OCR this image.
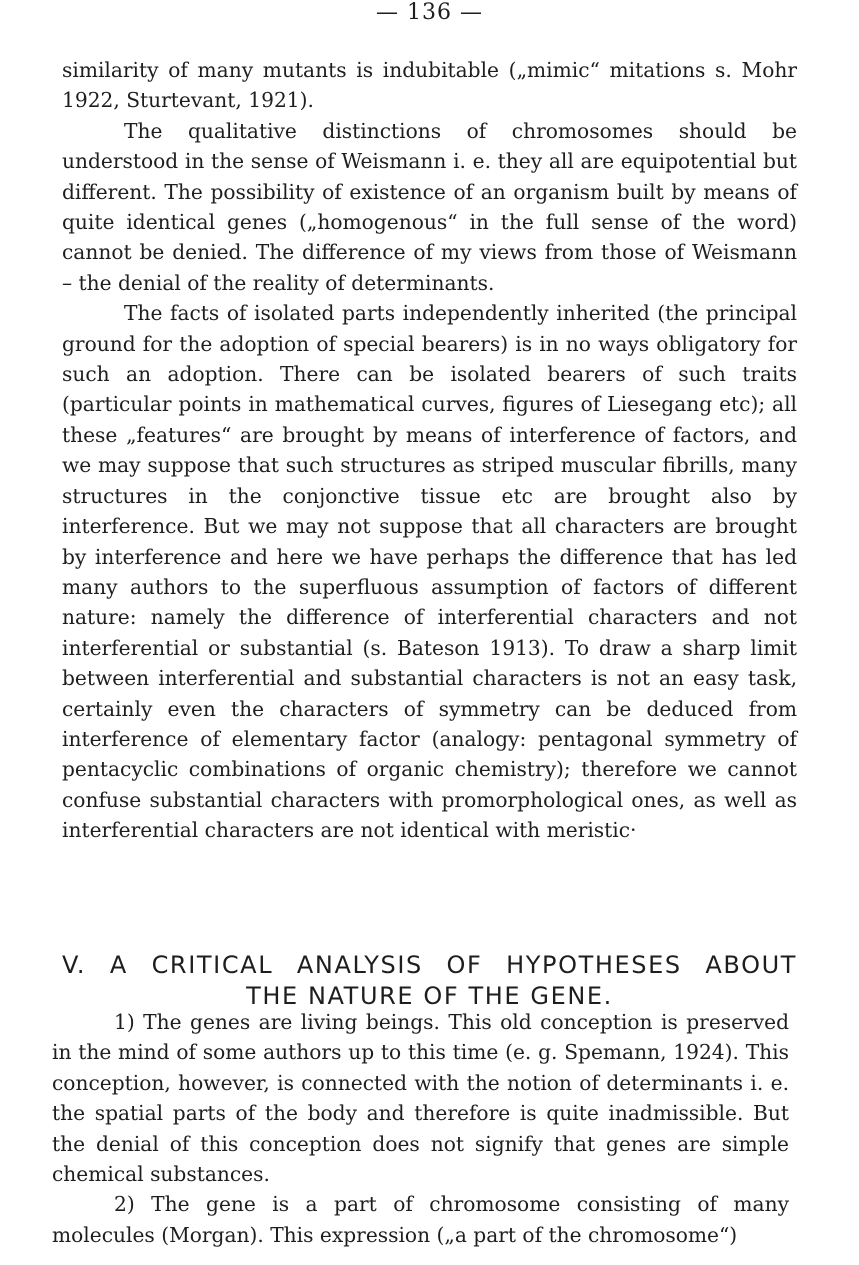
— 136 —

similarity of many mutants is indubitable („mimic“ mitations s. Mohr 1922, Sturtevant, 1921).

The qualitative distinctions of chromosomes should be understood in the sense of Weismann i. e. they all are equipotential but different. The possibility of existence of an organism built by means of quite identical genes („homogenous“ in the full sense of the word) cannot be denied. The difference of my views from those of Weismann – the denial of the reality of determinants.

The facts of isolated parts independently inherited (the principal ground for the adoption of special bearers) is in no ways obligatory for such an adoption. There can be isolated bearers of such traits (particular points in mathematical curves, figures of Liesegang etc); all these „features“ are brought by means of interference of factors, and we may suppose that such structures as striped muscular fibrills, many structures in the conjonctive tissue etc are brought also by interference. But we may not suppose that all characters are brought by interference and here we have perhaps the difference that has led many authors to the superfluous assumption of factors of different nature: namely the difference of interferential characters and not interferential or substantial (s. Bateson 1913). To draw a sharp limit between interferential and substantial characters is not an easy task, certainly even the characters of symmetry can be deduced from interference of elementary factor (analogy: pentagonal symmetry of pentacyclic combinations of organic chemistry); therefore we cannot confuse substantial characters with promorphological ones, as well as interferential characters are not identical with meristic·

V. A CRITICAL ANALYSIS OF HYPOTHESES ABOUT
THE NATURE OF THE GENE.

1) The genes are living beings. This old conception is preserved in the mind of some authors up to this time (e. g. Spemann, 1924). This conception, however, is connected with the notion of determinants i. e. the spatial parts of the body and therefore is quite inadmissible. But the denial of this conception does not signify that genes are simple chemical substances.

2) The gene is a part of chromosome consisting of many molecules (Morgan). This expression („a part of the chromosome“)
